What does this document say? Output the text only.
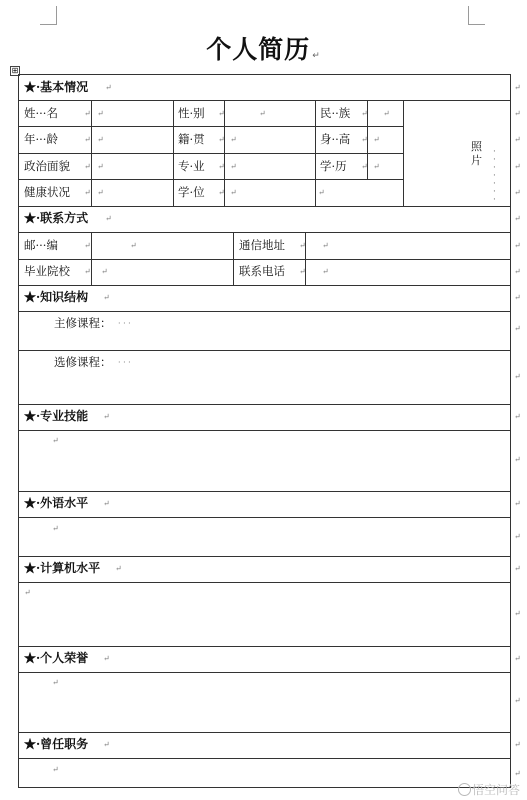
个人简历 ↵
⊞
★·基本情况 ↵
姓···名	↵ ↵	性·别 ↵	↵	民··族 ↵ ↵
年···龄	↵ ↵	籍·贯 ↵ ↵	身··高 ↵ ↵
政治面貌 ↵ ↵	专·业 ↵ ↵	学·历 ↵ ↵
健康状况 ↵ ↵	学·位 ↵ ↵	↵
照
片
·
·
·
·
·
·
·
★·联系方式 ↵
邮···编	↵	↵	通信地址 ↵ ↵
毕业院校 ↵ ↵	联系电话 ↵ ↵
★·知识结构 ↵
主修课程： · · ·
选修课程： · · ·
★·专业技能 ↵
↵
★·外语水平 ↵
↵
★·计算机水平 ↵
↵
★·个人荣誉 ↵
↵
★·曾任职务 ↵
↵
↵
↵
↵
↵
↵
↵
↵
↵
↵
↵
↵
↵
↵
↵
↵
↵
↵
↵
↵
↵
↵
悟空问答
